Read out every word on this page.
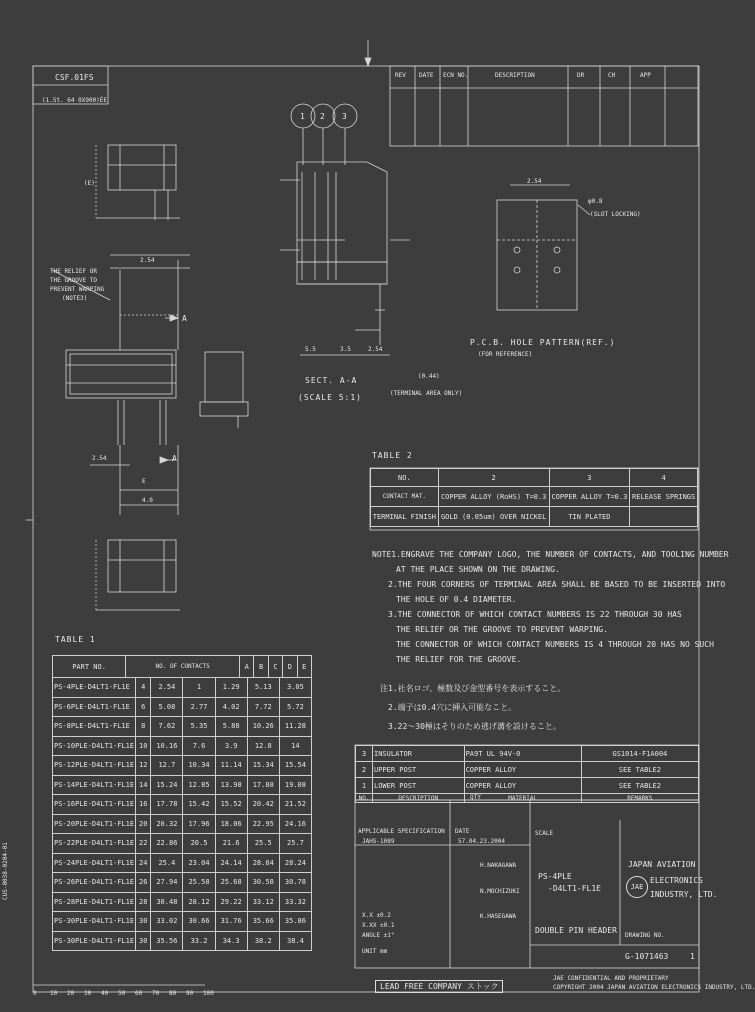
CSF.01FS
(1.5t. 64 0X900)ÉE
REV DATE ECN NO.	DESCRIPTION	DR	CH	APP
1 2 3
(E)
A
A
2.54
2.54
E
4.0
5.5	3.5	2.54
(0.44)
φ0.8
(SLOT LOCKING)
2.54
SECT. A-A
(SCALE 5:1)	(TERMINAL AREA ONLY)
P.C.B. HOLE PATTERN(REF.)
(FOR REFERENCE)
THE RELIEF OR
THE GROOVE TO
PREVENT WARPING
(NOTE3)
TABLE 2
NO.	2	3	4
CONTACT MAT.	COPPER ALLOY (RoHS) T=0.3	COPPER ALLOY T=0.3	RELEASE SPRINGS
TERMINAL FINISH	GOLD (0.05um) OVER NICKEL	TIN PLATED	
NOTE1.ENGRAVE THE COMPANY LOGO, THE NUMBER OF CONTACTS, AND TOOLING NUMBER
AT THE PLACE SHOWN ON THE DRAWING.
2.THE FOUR CORNERS OF TERMINAL AREA SHALL BE BASED TO BE INSERTED INTO
THE HOLE OF 0.4 DIAMETER.
3.THE CONNECTOR OF WHICH CONTACT NUMBERS IS 22 THROUGH 30 HAS
THE RELIEF OR THE GROOVE TO PREVENT WARPING.
THE CONNECTOR OF WHICH CONTACT NUMBERS IS 4 THROUGH 20 HAS NO SUCH
THE RELIEF FOR THE GROOVE.
注1.社名ロゴ、極数及び金型番号を表示すること。
2.端子は0.4穴に挿入可能なこと。
3.22～30極はそりのため逃げ溝を設けること。
TABLE 1
PART NO.	NO. OF CONTACTS	A	B	C	D	E
PS-4PLE-D4LT1-FL1E	4	2.54	1	1.29	5.13	3.05
PS-6PLE-D4LT1-FL1E	6	5.08	2.77	4.02	7.72	5.72
PS-8PLE-D4LT1-FL1E	8	7.62	5.35	5.88	10.26	11.28
PS-10PLE-D4LT1-FL1E	10	10.16	7.6	3.9	12.8	14
PS-12PLE-D4LT1-FL1E	12	12.7	10.34	11.14	15.34	15.54
PS-14PLE-D4LT1-FL1E	14	15.24	12.85	13.98	17.88	19.08
PS-16PLE-D4LT1-FL1E	16	17.78	15.42	15.52	20.42	21.52
PS-20PLE-D4LT1-FL1E	20	20.32	17.96	18.06	22.95	24.16
PS-22PLE-D4LT1-FL1E	22	22.86	20.5	21.6	25.5	25.7
PS-24PLE-D4LT1-FL1E	24	25.4	23.04	24.14	28.04	28.24
PS-26PLE-D4LT1-FL1E	26	27.94	25.58	25.68	30.58	30.78
PS-28PLE-D4LT1-FL1E	28	30.48	28.12	29.22	33.12	33.32
PS-30PLE-D4LT1-FL1E	30	33.02	30.66	31.76	35.66	35.86
PS-30PLE-D4LT1-FL1E	30	35.56	33.2	34.3	38.2	38.4
3	INSULATOR	PA9T UL 94V-0	GS1014-F1A004
2	UPPER POST	COPPER ALLOY	SEE TABLE2
1	LOWER POST	COPPER ALLOY	SEE TABLE2
NO.	DESCRIPTION	MATERIAL	REMARKS
QTY
APPLICABLE SPECIFICATION
JAHS-1089
DATE
57.04.23.2004
H.NAKAGAWA
N.MOCHIZUKI
K.HASEGAWA
X.X ±0.2
X.XX ±0.1
ANGLE ±1°
UNIT mm
SCALE
PS-4PLE
-D4LT1-FL1E
DOUBLE PIN HEADER
JAPAN AVIATION
ELECTRONICS
INDUSTRY, LTD.
JAE
DRAWING NO.
G-1071463	1
LEAD FREE COMPANY ストック
JAE CONFIDENTIAL AND PROPRIETARY
COPYRIGHT 2004 JAPAN AVIATION ELECTRONICS INDUSTRY, LTD.
CUS-0038-0204-01
0 10 20 30 40 50 60 70 80 90 100
